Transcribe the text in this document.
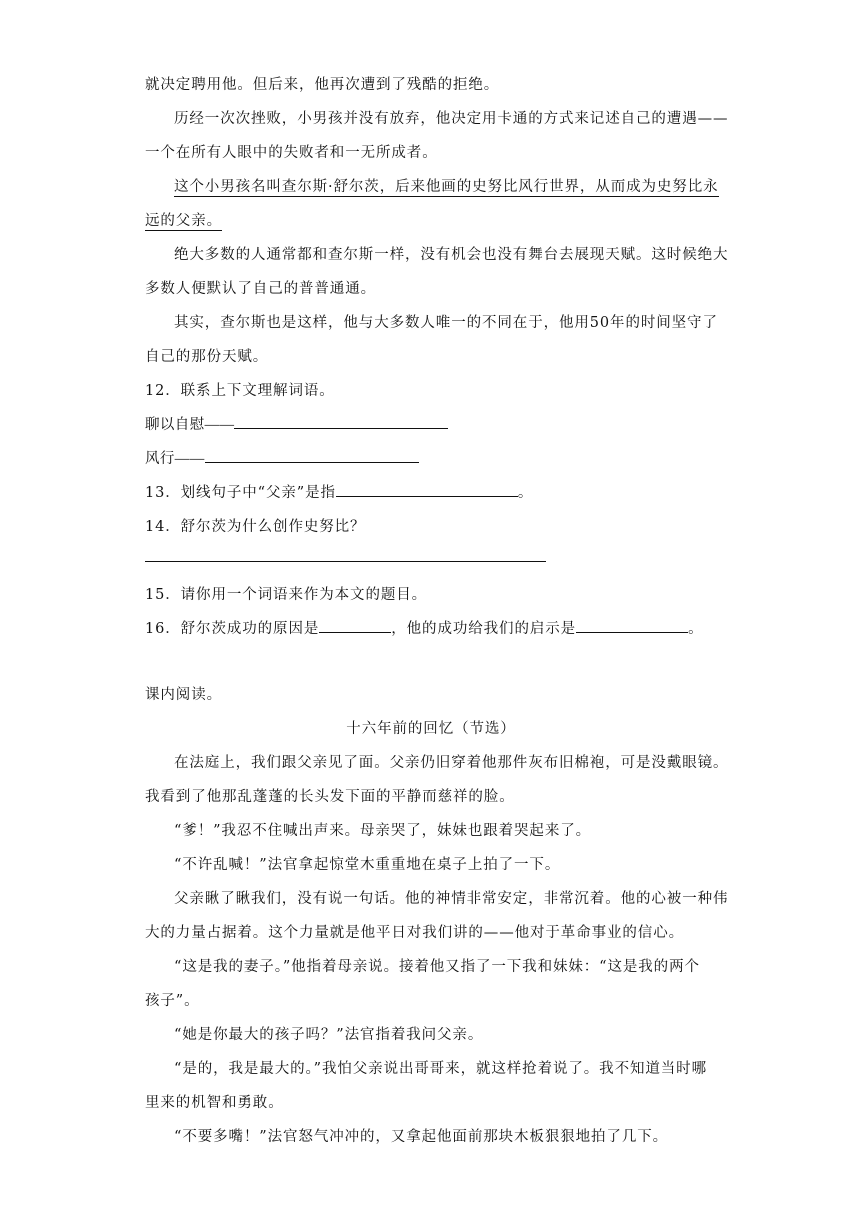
就决定聘用他。但后来，他再次遭到了残酷的拒绝。
历经一次次挫败，小男孩并没有放弃，他决定用卡通的方式来记述自己的遭遇——
一个在所有人眼中的失败者和一无所成者。
这个小男孩名叫查尔斯·舒尔茨，后来他画的史努比风行世界，从而成为史努比永
远的父亲。
绝大多数的人通常都和查尔斯一样，没有机会也没有舞台去展现天赋。这时候绝大
多数人便默认了自己的普普通通。
其实，查尔斯也是这样，他与大多数人唯一的不同在于，他用50年的时间坚守了
自己的那份天赋。
12．联系上下文理解词语。
聊以自慰——
风行——
13．划线句子中“父亲”是指	。
14．舒尔茨为什么创作史努比？
15．请你用一个词语来作为本文的题目。
16．舒尔茨成功的原因是	，他的成功给我们的启示是	。
课内阅读。
十六年前的回忆（节选）
在法庭上，我们跟父亲见了面。父亲仍旧穿着他那件灰布旧棉袍，可是没戴眼镜。
我看到了他那乱蓬蓬的长头发下面的平静而慈祥的脸。
“爹！”我忍不住喊出声来。母亲哭了，妹妹也跟着哭起来了。
“不许乱喊！”法官拿起惊堂木重重地在桌子上拍了一下。
父亲瞅了瞅我们，没有说一句话。他的神情非常安定，非常沉着。他的心被一种伟
大的力量占据着。这个力量就是他平日对我们讲的——他对于革命事业的信心。
“这是我的妻子。”他指着母亲说。接着他又指了一下我和妹妹：“这是我的两个
孩子”。
“她是你最大的孩子吗？”法官指着我问父亲。
“是的，我是最大的。”我怕父亲说出哥哥来，就这样抢着说了。我不知道当时哪
里来的机智和勇敢。
“不要多嘴！”法官怒气冲冲的，又拿起他面前那块木板狠狠地拍了几下。
